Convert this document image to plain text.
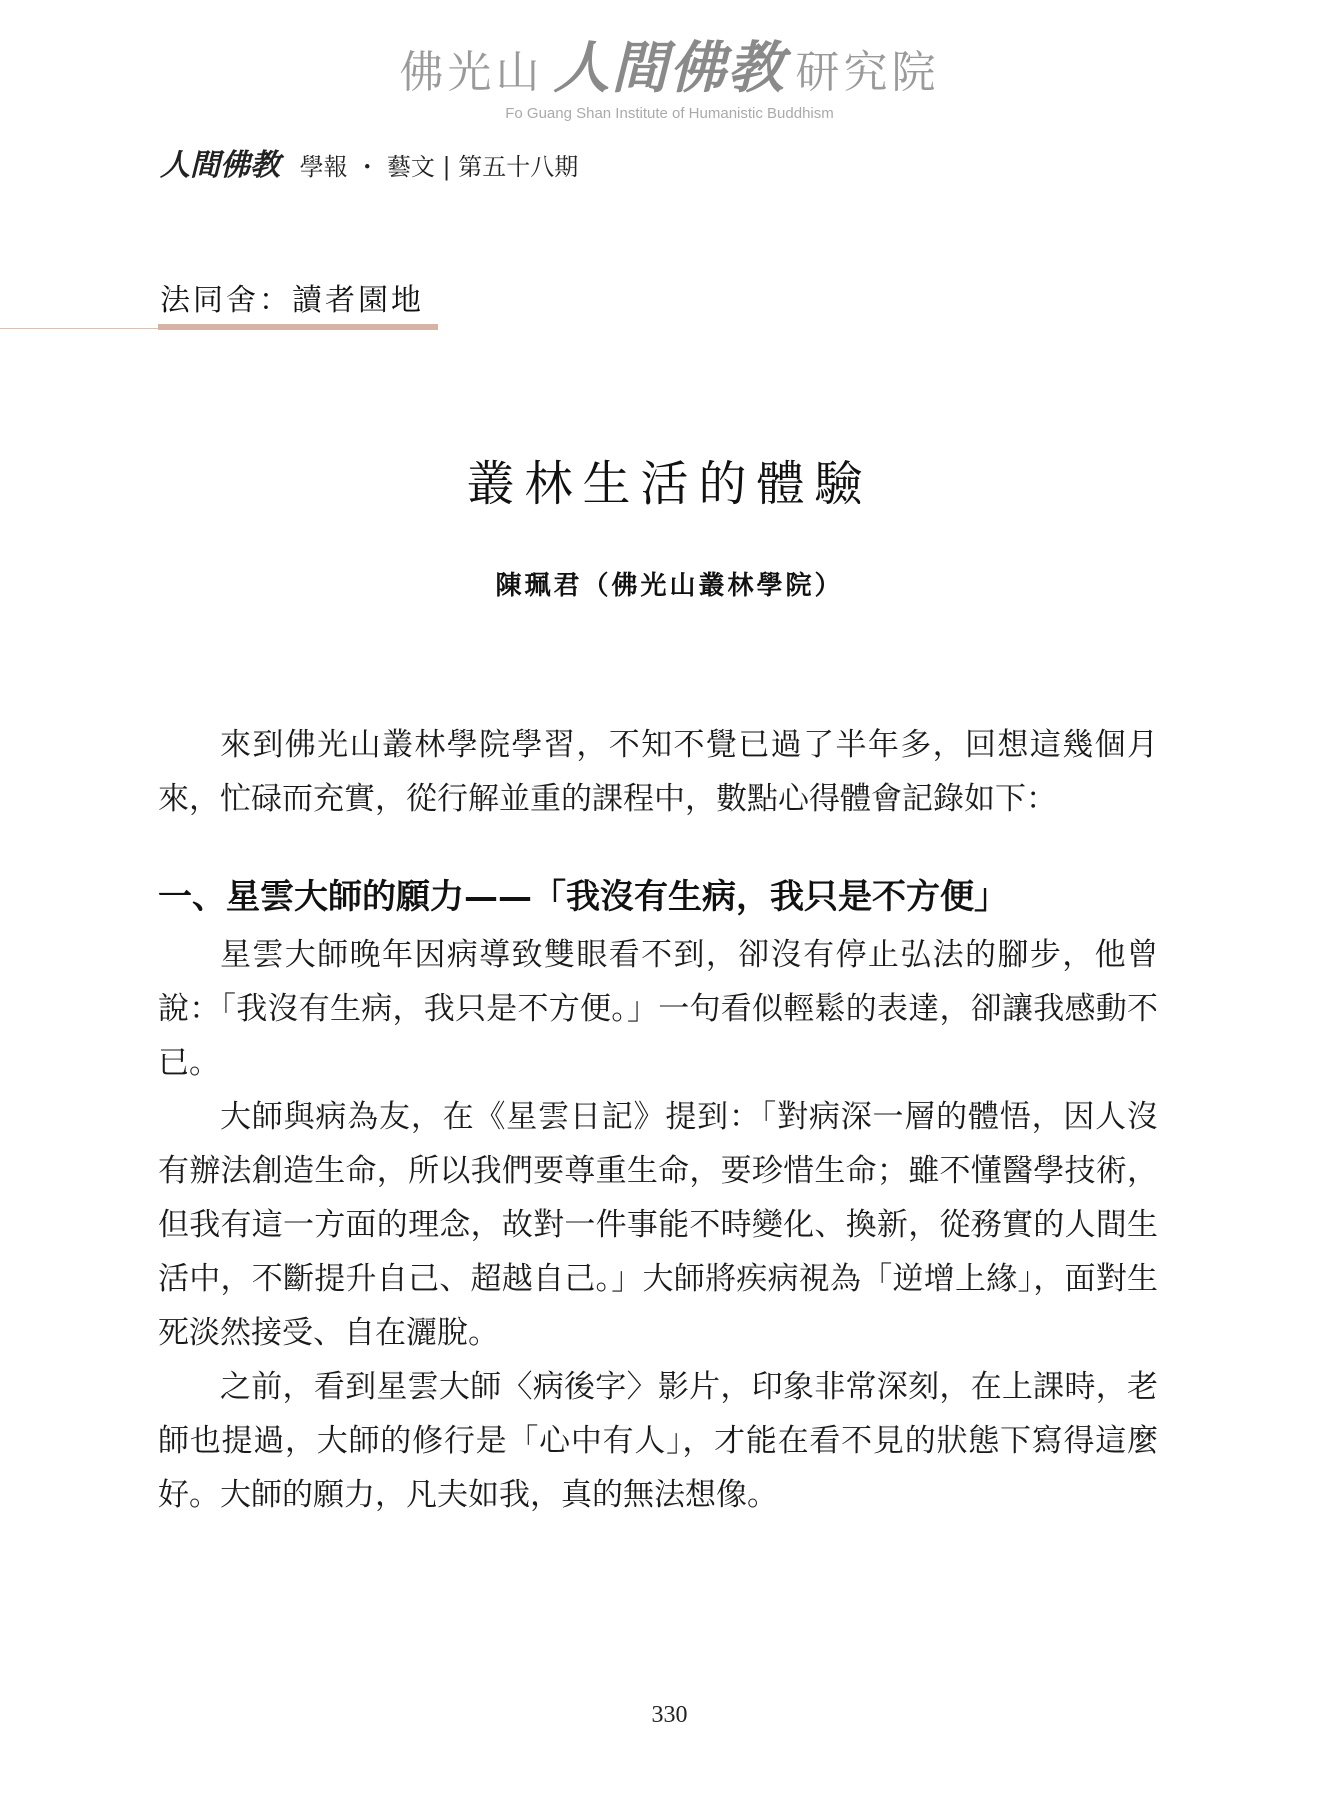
佛光山 人間佛教 研究院
Fo Guang Shan Institute of Humanistic Buddhism
人間佛教 學報 ・ 藝文 | 第五十八期
法同舍：讀者園地
叢林生活的體驗
陳珮君（佛光山叢林學院）

來到佛光山叢林學院學習，不知不覺已過了半年多，回想這幾個月來，忙碌而充實，從行解並重的課程中，數點心得體會記錄如下：

一、星雲大師的願力——「我沒有生病，我只是不方便」

星雲大師晚年因病導致雙眼看不到，卻沒有停止弘法的腳步，他曾說：「我沒有生病，我只是不方便。」一句看似輕鬆的表達，卻讓我感動不已。

大師與病為友，在《星雲日記》提到：「對病深一層的體悟，因人沒有辦法創造生命，所以我們要尊重生命，要珍惜生命；雖不懂醫學技術，但我有這一方面的理念，故對一件事能不時變化、換新，從務實的人間生活中，不斷提升自己、超越自己。」大師將疾病視為「逆增上緣」，面對生死淡然接受、自在灑脫。

之前，看到星雲大師〈病後字〉影片，印象非常深刻，在上課時，老師也提過，大師的修行是「心中有人」，才能在看不見的狀態下寫得這麼好。大師的願力，凡夫如我，真的無法想像。

330
